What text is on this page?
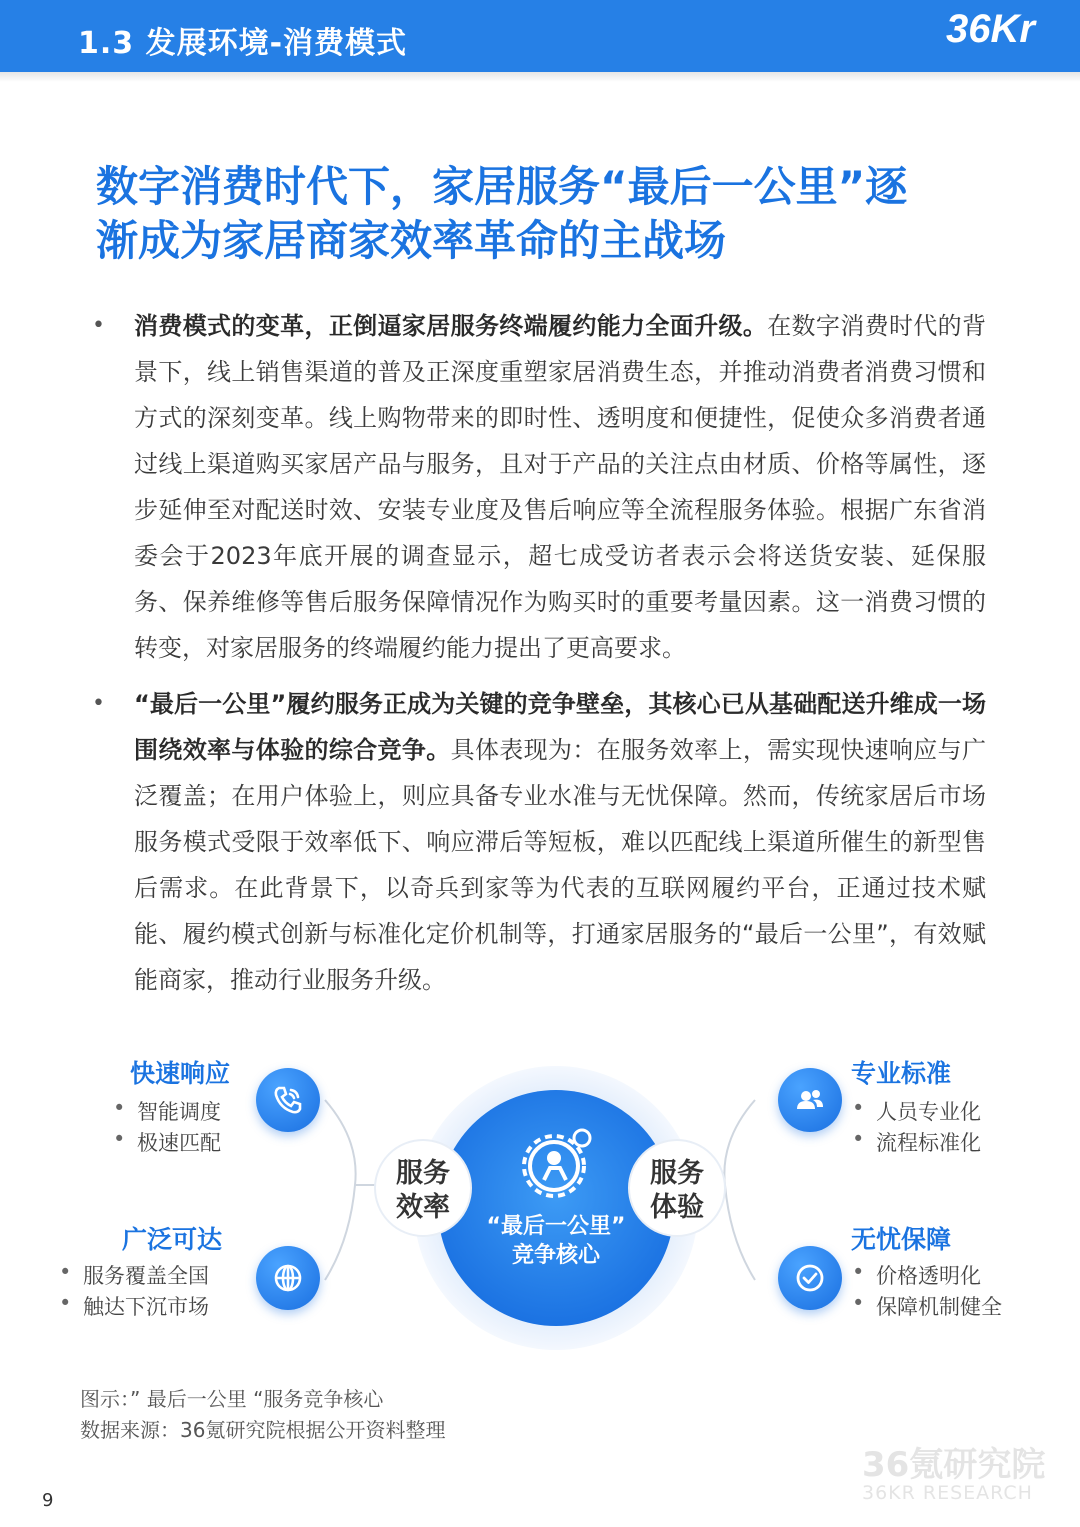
1.3 发展环境-消费模式	36Kr
数字消费时代下，家居服务“最后一公里”逐
渐成为家居商家效率革命的主战场
• 消费模式的变革，正倒逼家居服务终端履约能力全面升级。在数字消费时代的背景下，线上销售渠道的普及正深度重塑家居消费生态，并推动消费者消费习惯和方式的深刻变革。线上购物带来的即时性、透明度和便捷性，促使众多消费者通过线上渠道购买家居产品与服务，且对于产品的关注点由材质、价格等属性，逐步延伸至对配送时效、安装专业度及售后响应等全流程服务体验。根据广东省消委会于2023年底开展的调查显示，超七成受访者表示会将送货安装、延保服务、保养维修等售后服务保障情况作为购买时的重要考量因素。这一消费习惯的转变，对家居服务的终端履约能力提出了更高要求。
• “最后一公里”履约服务正成为关键的竞争壁垒，其核心已从基础配送升维成一场围绕效率与体验的综合竞争。具体表现为：在服务效率上，需实现快速响应与广泛覆盖；在用户体验上，则应具备专业水准与无忧保障。然而，传统家居后市场服务模式受限于效率低下、响应滞后等短板，难以匹配线上渠道所催生的新型售后需求。在此背景下，以奇兵到家等为代表的互联网履约平台，正通过技术赋能、履约模式创新与标准化定价机制等，打通家居服务的“最后一公里”，有效赋能商家，推动行业服务升级。
“最后一公里”
竞争核心
服务
效率
服务
体验
快速响应
• 智能调度
• 极速匹配
广泛可达
• 服务覆盖全国
• 触达下沉市场
专业标准
• 人员专业化
• 流程标准化
无忧保障
• 价格透明化
• 保障机制健全
图示：” 最后一公里 “服务竞争核心
数据来源：36氪研究院根据公开资料整理
36氪研究院
36KR RESEARCH
9
